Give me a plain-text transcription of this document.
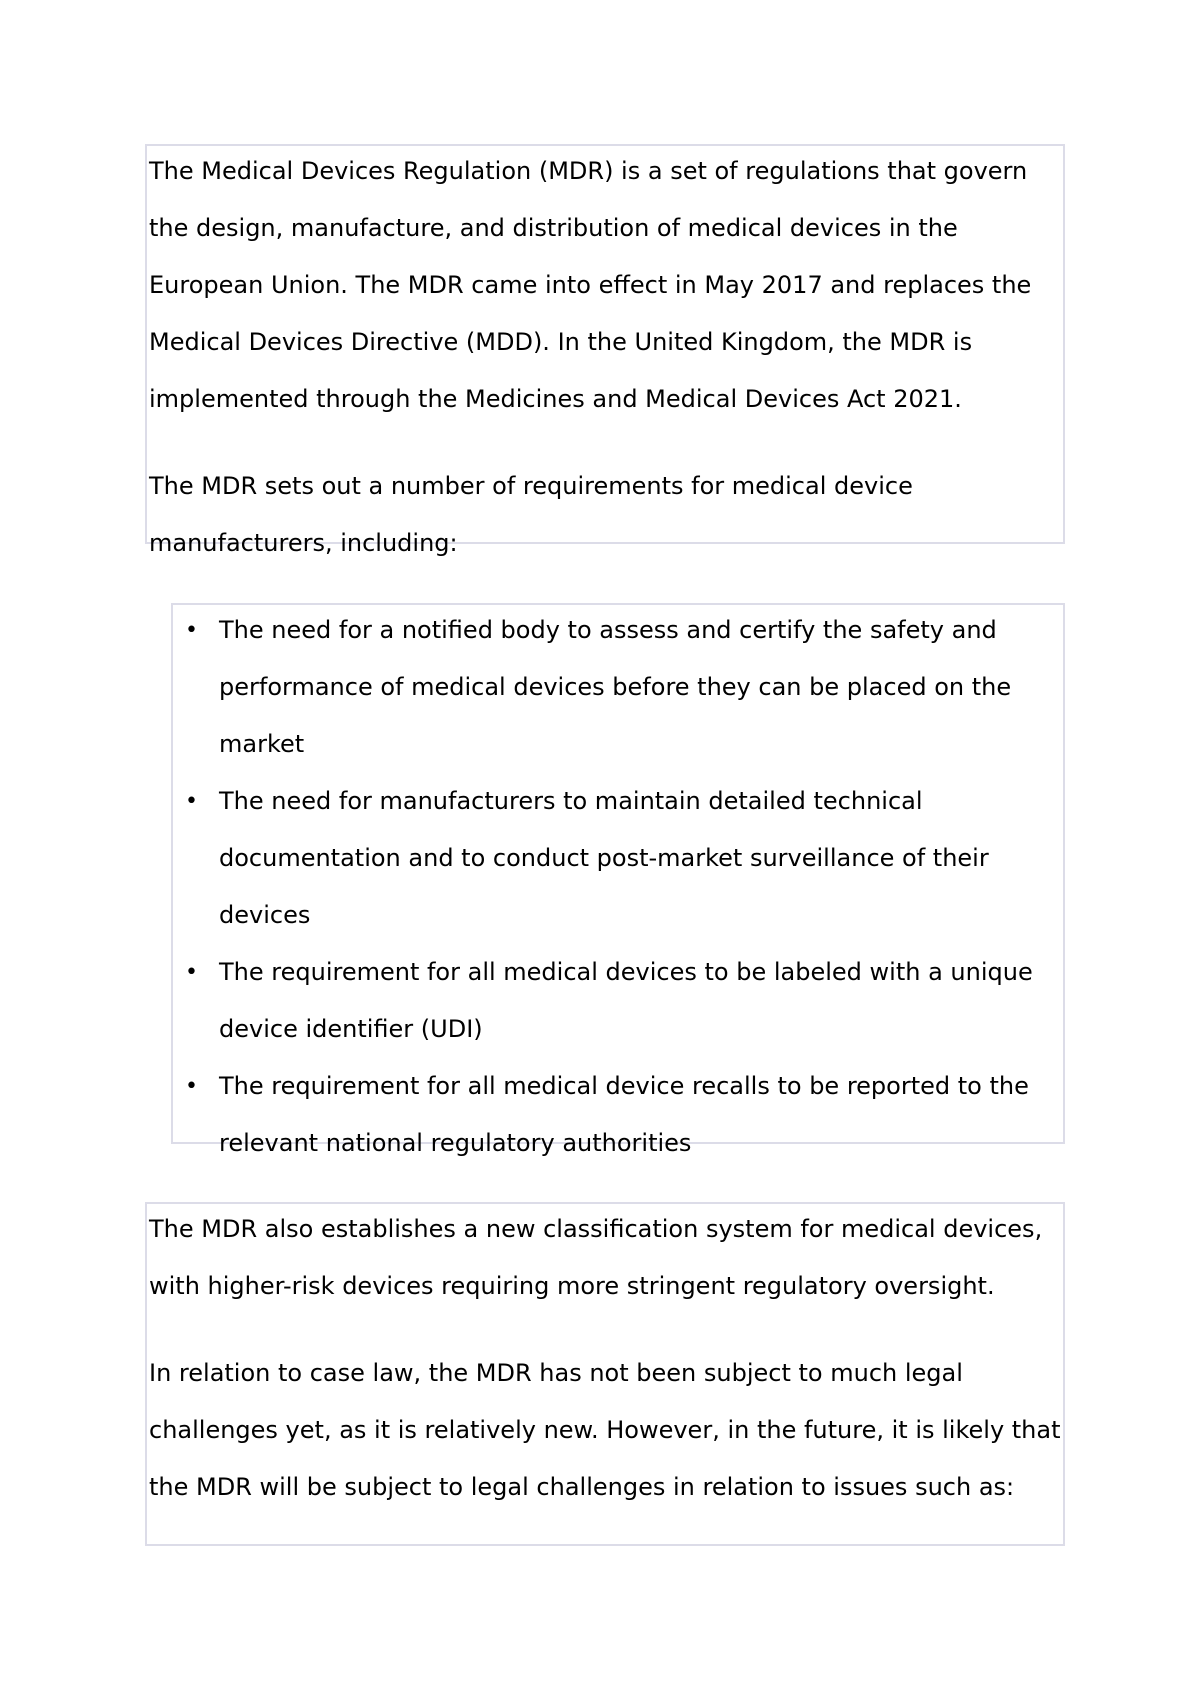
The Medical Devices Regulation (MDR) is a set of regulations that govern the design, manufacture, and distribution of medical devices in the European Union. The MDR came into effect in May 2017 and replaces the Medical Devices Directive (MDD). In the United Kingdom, the MDR is implemented through the Medicines and Medical Devices Act 2021.

The MDR sets out a number of requirements for medical device manufacturers, including:

• The need for a notified body to assess and certify the safety and performance of medical devices before they can be placed on the market
• The need for manufacturers to maintain detailed technical documentation and to conduct post-market surveillance of their devices
• The requirement for all medical devices to be labeled with a unique device identifier (UDI)
• The requirement for all medical device recalls to be reported to the relevant national regulatory authorities

The MDR also establishes a new classification system for medical devices, with higher-risk devices requiring more stringent regulatory oversight.

In relation to case law, the MDR has not been subject to much legal challenges yet, as it is relatively new. However, in the future, it is likely that the MDR will be subject to legal challenges in relation to issues such as:
